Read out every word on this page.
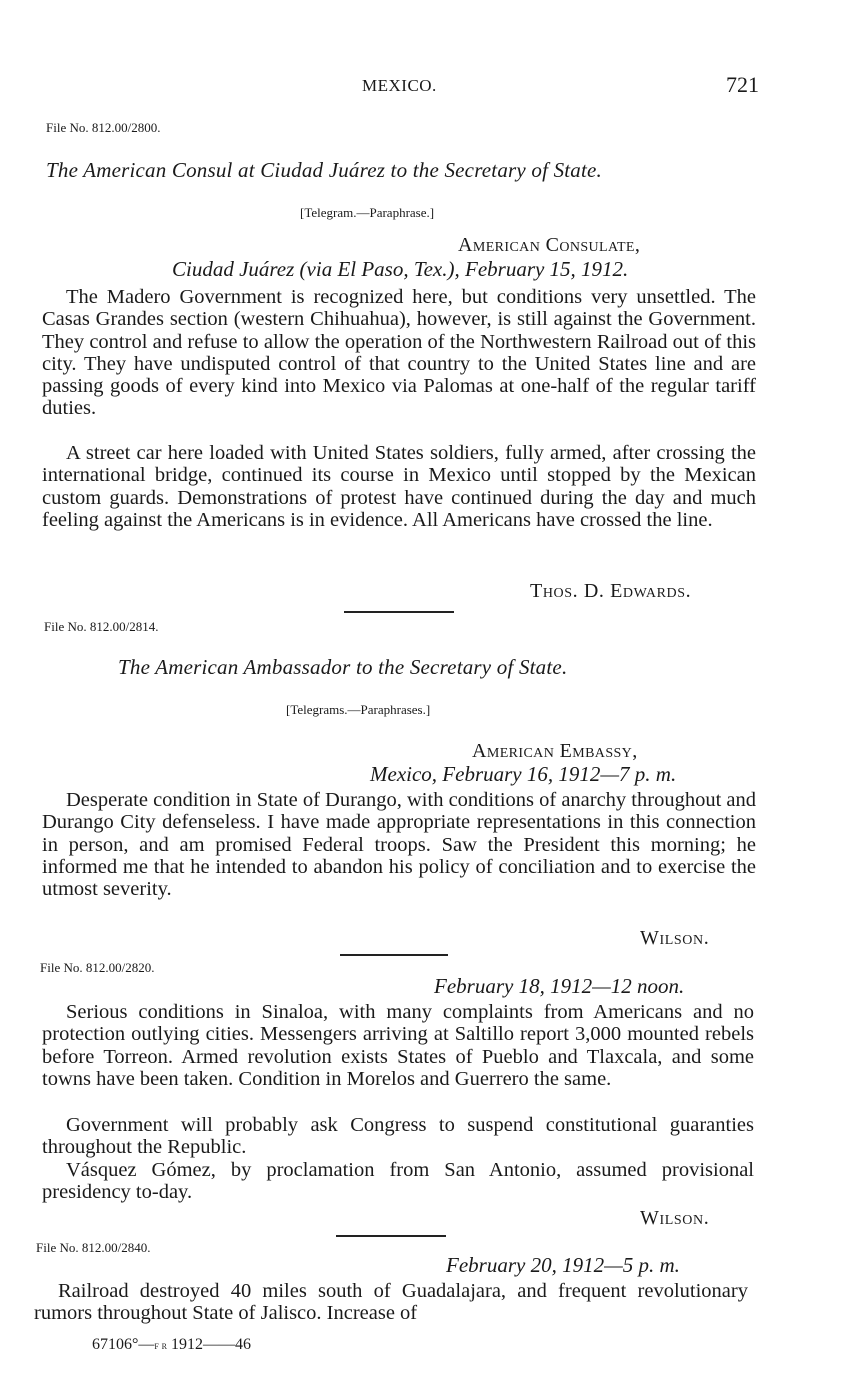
MEXICO.	721
File No. 812.00/2800.
The American Consul at Ciudad Juárez to the Secretary of State.
[Telegram.—Paraphrase.]
American Consulate,
Ciudad Juárez (via El Paso, Tex.), February 15, 1912.

The Madero Government is recognized here, but conditions very unsettled. The Casas Grandes section (western Chihuahua), however, is still against the Government. They control and refuse to allow the operation of the Northwestern Railroad out of this city. They have undisputed control of that country to the United States line and are passing goods of every kind into Mexico via Palomas at one-half of the regular tariff duties.

A street car here loaded with United States soldiers, fully armed, after crossing the international bridge, continued its course in Mexico until stopped by the Mexican custom guards. Demonstrations of protest have continued during the day and much feeling against the Americans is in evidence. All Americans have crossed the line.

Thos. D. Edwards.
File No. 812.00/2814.
The American Ambassador to the Secretary of State.
[Telegrams.—Paraphrases.]
American Embassy,
Mexico, February 16, 1912—7 p. m.

Desperate condition in State of Durango, with conditions of anarchy throughout and Durango City defenseless. I have made appropriate representations in this connection in person, and am promised Federal troops. Saw the President this morning; he informed me that he intended to abandon his policy of conciliation and to exercise the utmost severity.

Wilson.
File No. 812.00/2820.
February 18, 1912—12 noon.

Serious conditions in Sinaloa, with many complaints from Americans and no protection outlying cities. Messengers arriving at Saltillo report 3,000 mounted rebels before Torreon. Armed revolution exists States of Pueblo and Tlaxcala, and some towns have been taken. Condition in Morelos and Guerrero the same.

Government will probably ask Congress to suspend constitutional guaranties throughout the Republic.

Vásquez Gómez, by proclamation from San Antonio, assumed provisional presidency to-day.

Wilson.
File No. 812.00/2840.
February 20, 1912—5 p. m.

Railroad destroyed 40 miles south of Guadalajara, and frequent revolutionary rumors throughout State of Jalisco. Increase of

67106°—f r 1912——46
